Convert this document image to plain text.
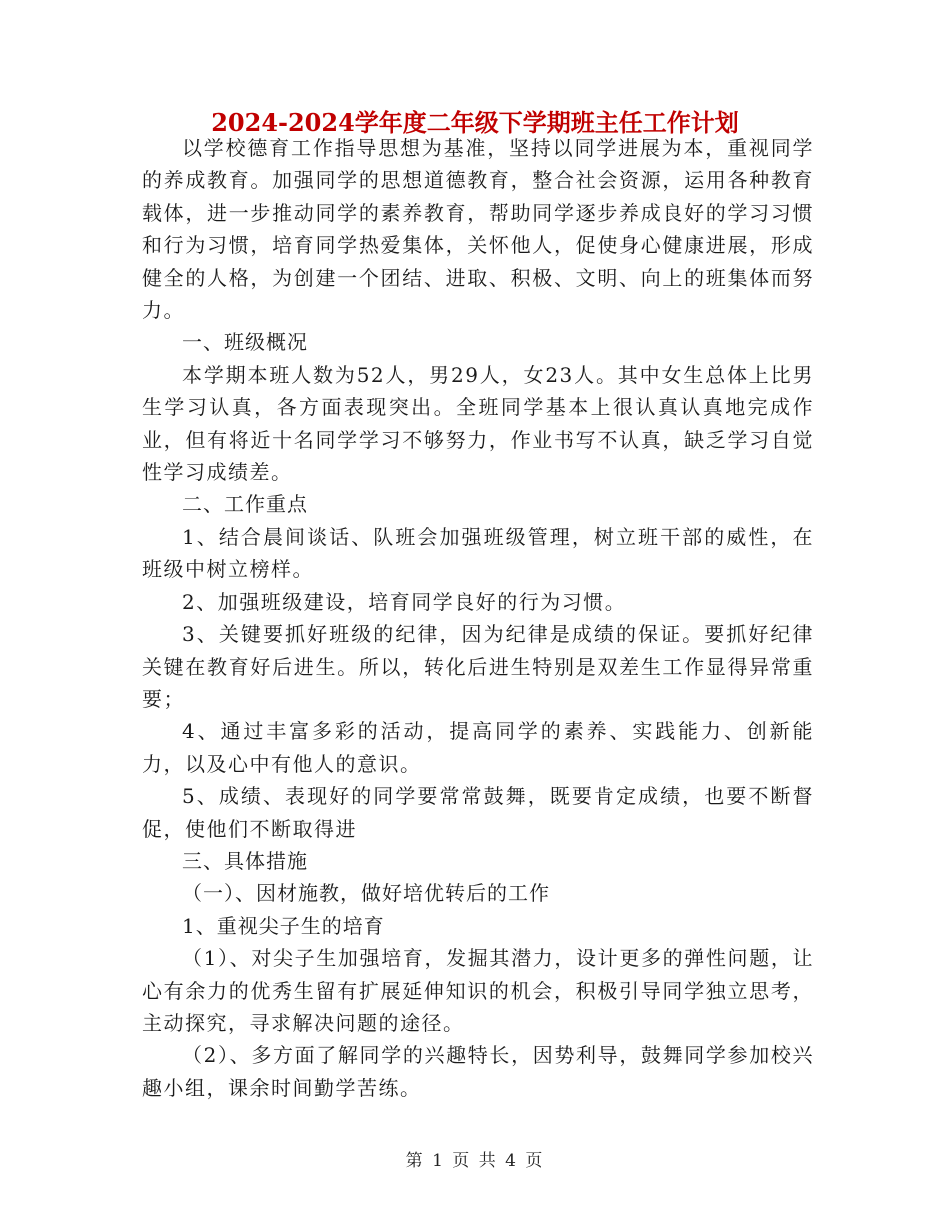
2024-2024学年度二年级下学期班主任工作计划

以学校德育工作指导思想为基准，坚持以同学进展为本，重视同学的养成教育。加强同学的思想道德教育，整合社会资源，运用各种教育载体，进一步推动同学的素养教育，帮助同学逐步养成良好的学习习惯和行为习惯，培育同学热爱集体，关怀他人，促使身心健康进展，形成健全的人格，为创建一个团结、进取、积极、文明、向上的班集体而努力。

一、班级概况

本学期本班人数为52人，男29人，女23人。其中女生总体上比男生学习认真，各方面表现突出。全班同学基本上很认真认真地完成作业，但有将近十名同学学习不够努力，作业书写不认真，缺乏学习自觉性学习成绩差。

二、工作重点

1、结合晨间谈话、队班会加强班级管理，树立班干部的威性，在班级中树立榜样。

2、加强班级建设，培育同学良好的行为习惯。

3、关键要抓好班级的纪律，因为纪律是成绩的保证。要抓好纪律关键在教育好后进生。所以，转化后进生特别是双差生工作显得异常重要；

4、通过丰富多彩的活动，提高同学的素养、实践能力、创新能力，以及心中有他人的意识。

5、成绩、表现好的同学要常常鼓舞，既要肯定成绩，也要不断督促，使他们不断取得进

三、具体措施

（一）、因材施教，做好培优转后的工作

1、重视尖子生的培育

（1）、对尖子生加强培育，发掘其潜力，设计更多的弹性问题，让心有余力的优秀生留有扩展延伸知识的机会，积极引导同学独立思考，主动探究，寻求解决问题的途径。

（2）、多方面了解同学的兴趣特长，因势利导，鼓舞同学参加校兴趣小组，课余时间勤学苦练。

第 1 页 共 4 页
